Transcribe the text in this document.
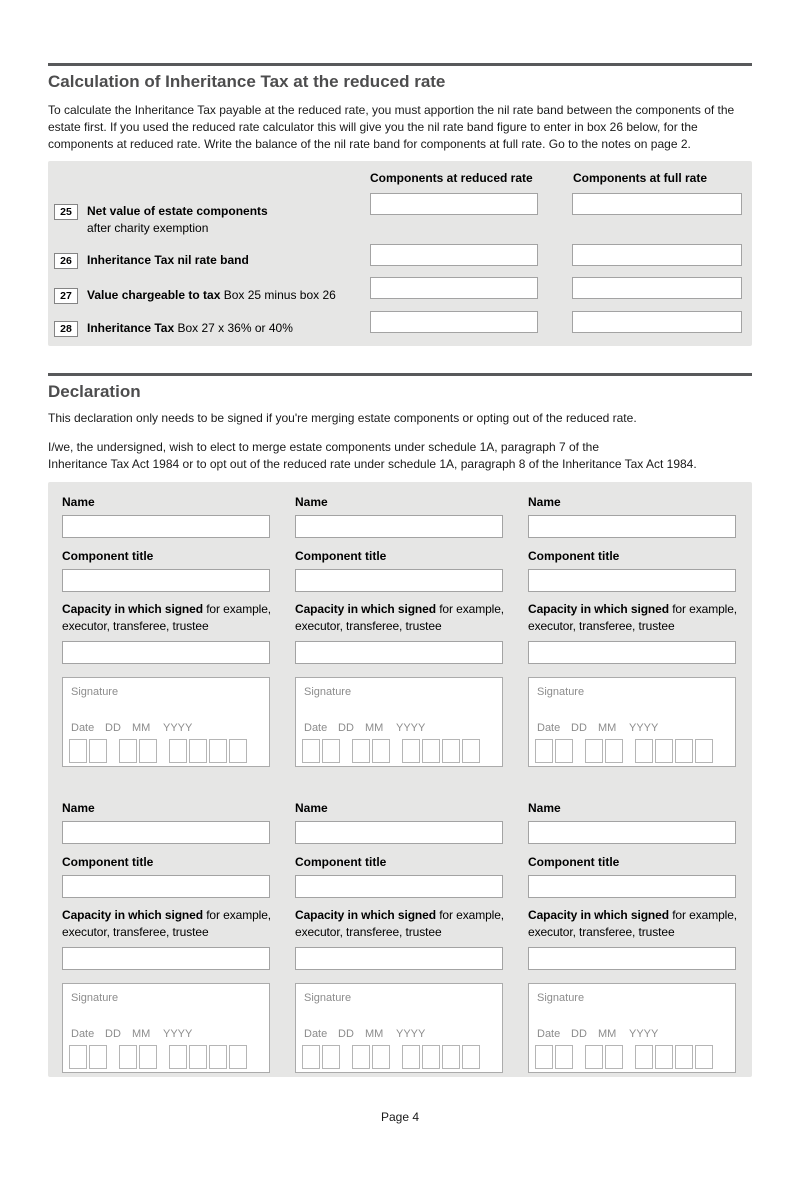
Calculation of Inheritance Tax at the reduced rate

To calculate the Inheritance Tax payable at the reduced rate, you must apportion the nil rate band between the components of the estate first. If you used the reduced rate calculator this will give you the nil rate band figure to enter in box 26 below, for the components at reduced rate. Write the balance of the nil rate band for components at full rate. Go to the notes on page 2.

Components at reduced rate	Components at full rate
25	Net value of estate components
after charity exemption
26	Inheritance Tax nil rate band
27	Value chargeable to tax Box 25 minus box 26
28	Inheritance Tax Box 27 x 36% or 40%
Declaration

This declaration only needs to be signed if you're merging estate components or opting out of the reduced rate.

I/we, the undersigned, wish to elect to merge estate components under schedule 1A, paragraph 7 of the
Inheritance Tax Act 1984 or to opt out of the reduced rate under schedule 1A, paragraph 8 of the Inheritance Tax Act 1984.

Name
Component title
Capacity in which signed for example,
executor, transferee, trustee
Signature
Date DD MM YYYY
Name
Component title
Capacity in which signed for example,
executor, transferee, trustee
Signature
Date DD MM YYYY
Name
Component title
Capacity in which signed for example,
executor, transferee, trustee
Signature
Date DD MM YYYY
Name
Component title
Capacity in which signed for example,
executor, transferee, trustee
Signature
Date DD MM YYYY
Name
Component title
Capacity in which signed for example,
executor, transferee, trustee
Signature
Date DD MM YYYY
Name
Component title
Capacity in which signed for example,
executor, transferee, trustee
Signature
Date DD MM YYYY
Page 4
